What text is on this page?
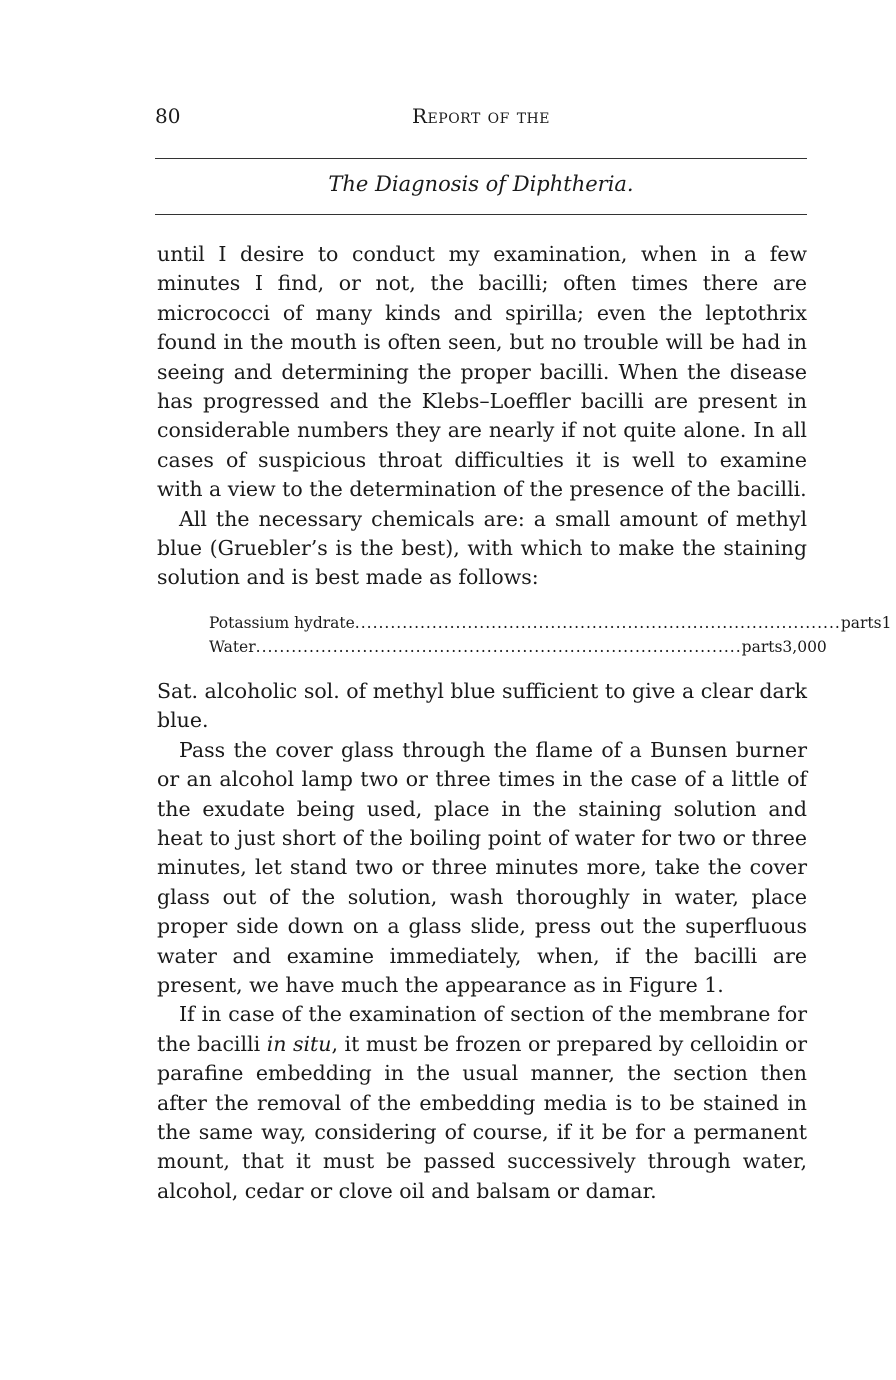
80	Report of the
The Diagnosis of Diphtheria.

until I desire to conduct my examination, when in a few minutes I find, or not, the bacilli; often times there are micrococci of many kinds and spirilla; even the leptothrix found in the mouth is often seen, but no trouble will be had in seeing and determining the proper bacilli. When the disease has progressed and the Klebs–Loeffler bacilli are present in considerable numbers they are nearly if not quite alone. In all cases of suspicious throat difficulties it is well to examine with a view to the determination of the presence of the bacilli.

All the necessary chemicals are: a small amount of methyl blue (Gruebler’s is the best), with which to make the staining solution and is best made as follows:

Potassium hydrate .................................................................................. parts 1
Water .................................................................................. parts 3,000

Sat. alcoholic sol. of methyl blue sufficient to give a clear dark blue.

Pass the cover glass through the flame of a Bunsen burner or an alcohol lamp two or three times in the case of a little of the exudate being used, place in the staining solution and heat to just short of the boiling point of water for two or three minutes, let stand two or three minutes more, take the cover glass out of the solution, wash thoroughly in water, place proper side down on a glass slide, press out the superfluous water and examine immediately, when, if the bacilli are present, we have much the appearance as in Figure 1.

If in case of the examination of section of the membrane for the bacilli in situ, it must be frozen or prepared by celloidin or parafine embedding in the usual manner, the section then after the removal of the embedding media is to be stained in the same way, considering of course, if it be for a permanent mount, that it must be passed successively through water, alcohol, cedar or clove oil and balsam or damar.
